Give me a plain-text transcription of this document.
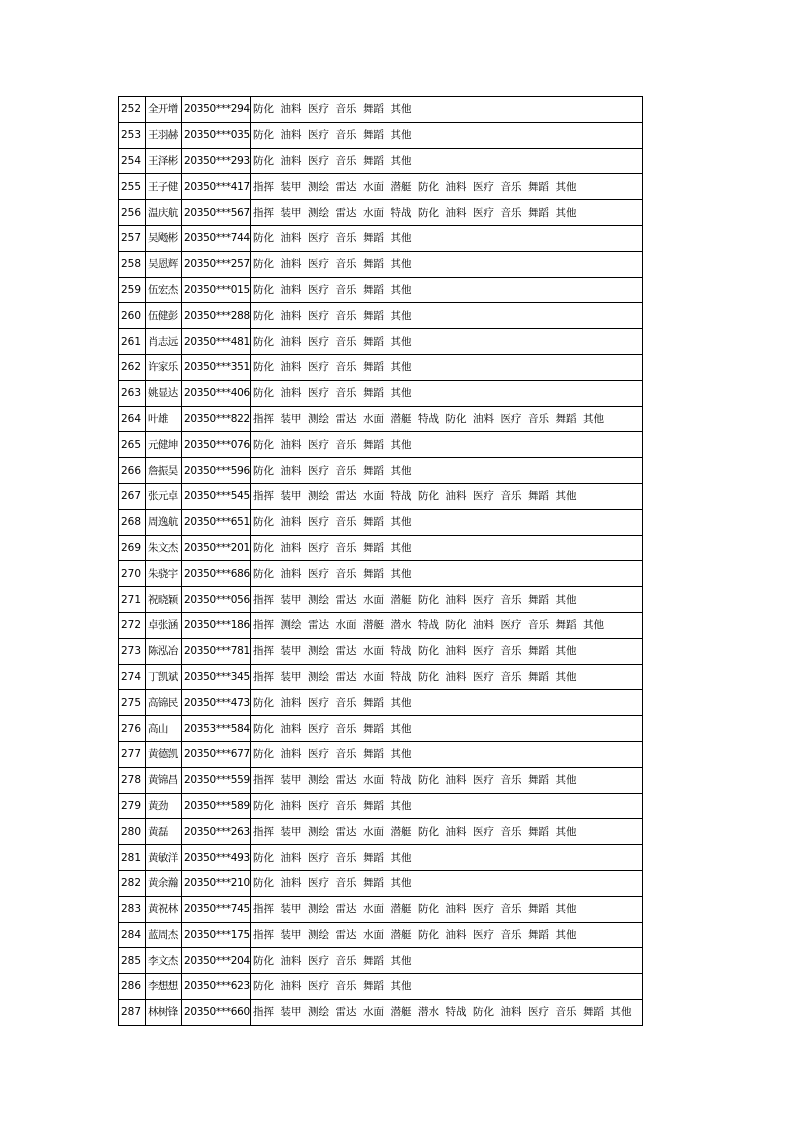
252	全开增	20350***294	防化 油料 医疗 音乐 舞蹈 其他
253	王羽赫	20350***035	防化 油料 医疗 音乐 舞蹈 其他
254	王泽彬	20350***293	防化 油料 医疗 音乐 舞蹈 其他
255	王子健	20350***417	指挥 装甲 测绘 雷达 水面 潜艇 防化 油料 医疗 音乐 舞蹈 其他
256	温庆航	20350***567	指挥 装甲 测绘 雷达 水面 特战 防化 油料 医疗 音乐 舞蹈 其他
257	吴飏彬	20350***744	防化 油料 医疗 音乐 舞蹈 其他
258	吴恩辉	20350***257	防化 油料 医疗 音乐 舞蹈 其他
259	伍宏杰	20350***015	防化 油料 医疗 音乐 舞蹈 其他
260	伍健彭	20350***288	防化 油料 医疗 音乐 舞蹈 其他
261	肖志远	20350***481	防化 油料 医疗 音乐 舞蹈 其他
262	许家乐	20350***351	防化 油料 医疗 音乐 舞蹈 其他
263	姚显达	20350***406	防化 油料 医疗 音乐 舞蹈 其他
264	叶雄	20350***822	指挥 装甲 测绘 雷达 水面 潜艇 特战 防化 油料 医疗 音乐 舞蹈 其他
265	元健坤	20350***076	防化 油料 医疗 音乐 舞蹈 其他
266	詹振昊	20350***596	防化 油料 医疗 音乐 舞蹈 其他
267	张元卓	20350***545	指挥 装甲 测绘 雷达 水面 特战 防化 油料 医疗 音乐 舞蹈 其他
268	周逸航	20350***651	防化 油料 医疗 音乐 舞蹈 其他
269	朱文杰	20350***201	防化 油料 医疗 音乐 舞蹈 其他
270	朱骁宇	20350***686	防化 油料 医疗 音乐 舞蹈 其他
271	祝晓颖	20350***056	指挥 装甲 测绘 雷达 水面 潜艇 防化 油料 医疗 音乐 舞蹈 其他
272	卓张涵	20350***186	指挥 测绘 雷达 水面 潜艇 潜水 特战 防化 油料 医疗 音乐 舞蹈 其他
273	陈泓冶	20350***781	指挥 装甲 测绘 雷达 水面 特战 防化 油料 医疗 音乐 舞蹈 其他
274	丁凯斌	20350***345	指挥 装甲 测绘 雷达 水面 特战 防化 油料 医疗 音乐 舞蹈 其他
275	高锦民	20350***473	防化 油料 医疗 音乐 舞蹈 其他
276	高山	20353***584	防化 油料 医疗 音乐 舞蹈 其他
277	黄德凯	20350***677	防化 油料 医疗 音乐 舞蹈 其他
278	黄锦昌	20350***559	指挥 装甲 测绘 雷达 水面 特战 防化 油料 医疗 音乐 舞蹈 其他
279	黄劲	20350***589	防化 油料 医疗 音乐 舞蹈 其他
280	黄磊	20350***263	指挥 装甲 测绘 雷达 水面 潜艇 防化 油料 医疗 音乐 舞蹈 其他
281	黄敏洋	20350***493	防化 油料 医疗 音乐 舞蹈 其他
282	黄余瀚	20350***210	防化 油料 医疗 音乐 舞蹈 其他
283	黄祝林	20350***745	指挥 装甲 测绘 雷达 水面 潜艇 防化 油料 医疗 音乐 舞蹈 其他
284	蓝周杰	20350***175	指挥 装甲 测绘 雷达 水面 潜艇 防化 油料 医疗 音乐 舞蹈 其他
285	李文杰	20350***204	防化 油料 医疗 音乐 舞蹈 其他
286	李想想	20350***623	防化 油料 医疗 音乐 舞蹈 其他
287	林树锋	20350***660	指挥 装甲 测绘 雷达 水面 潜艇 潜水 特战 防化 油料 医疗 音乐 舞蹈 其他
